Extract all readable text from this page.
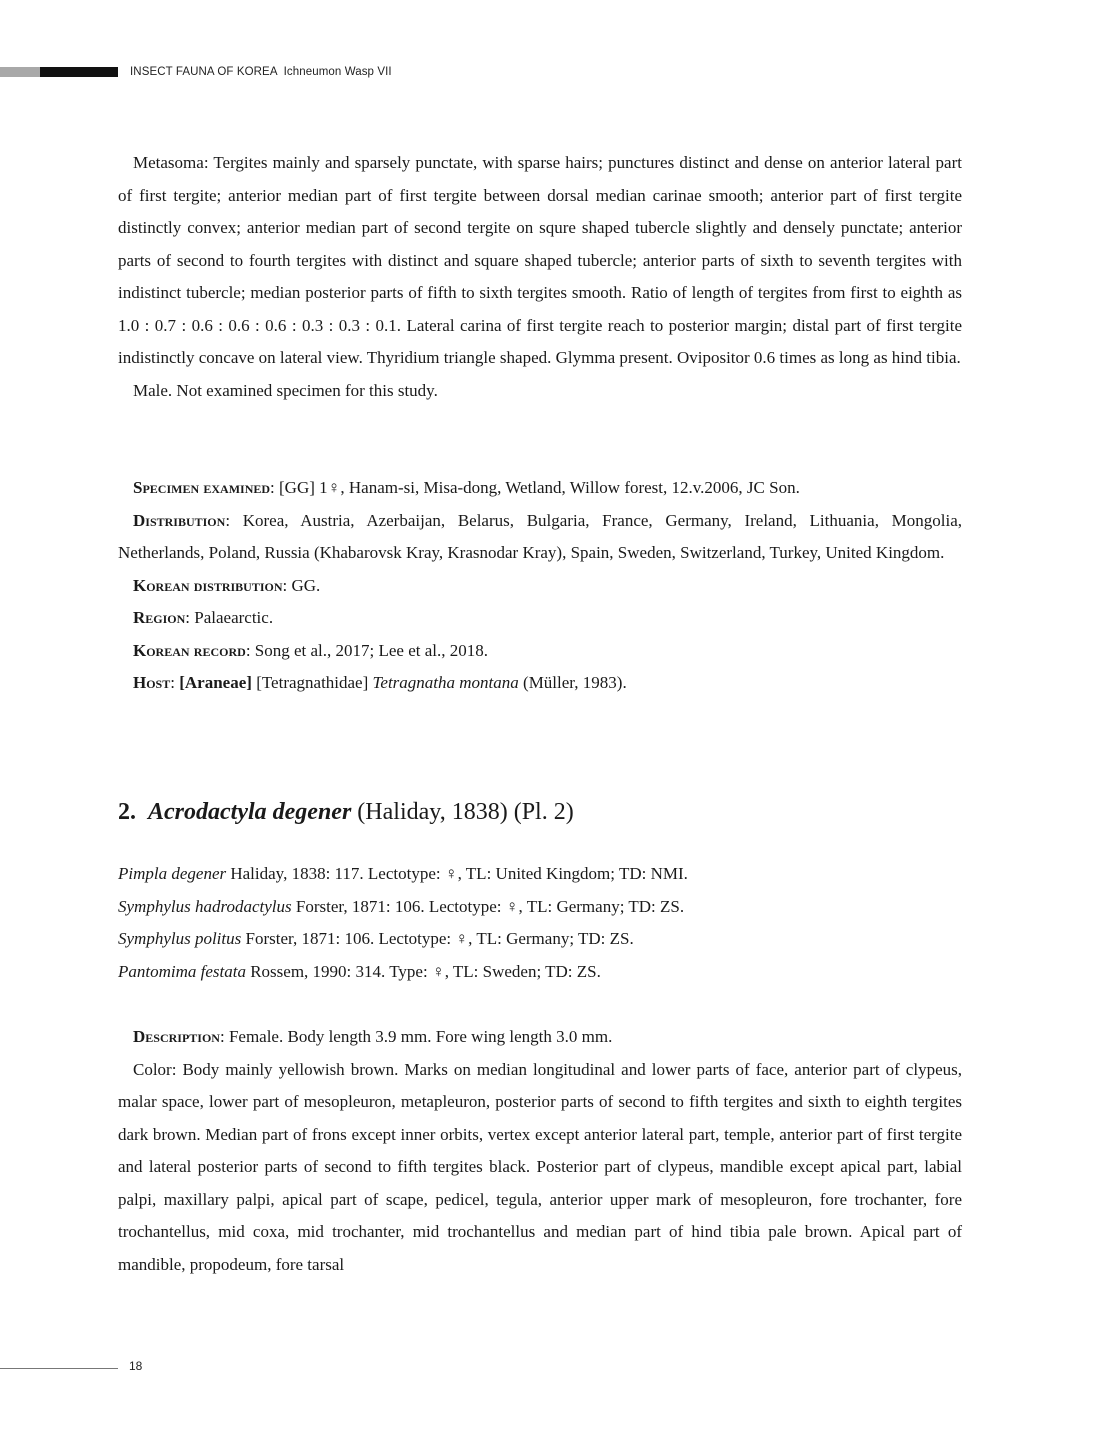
INSECT FAUNA OF KOREA Ichneumon Wasp VII

Metasoma: Tergites mainly and sparsely punctate, with sparse hairs; punctures distinct and dense on anterior lateral part of first tergite; anterior median part of first tergite between dorsal median carinae smooth; anterior part of first tergite distinctly convex; anterior median part of second tergite on squre shaped tubercle slightly and densely punctate; anterior parts of second to fourth tergites with distinct and square shaped tubercle; anterior parts of sixth to seventh tergites with indistinct tubercle; median posterior parts of fifth to sixth tergites smooth. Ratio of length of tergites from first to eighth as 1.0 : 0.7 : 0.6 : 0.6 : 0.6 : 0.3 : 0.3 : 0.1. Lateral carina of first tergite reach to posterior margin; distal part of first tergite indistinctly concave on lateral view. Thyridium triangle shaped. Glymma present. Ovipositor 0.6 times as long as hind tibia.

Male. Not examined specimen for this study.

Specimen examined: [GG] 1♀, Hanam-si, Misa-dong, Wetland, Willow forest, 12.v.2006, JC Son.

Distribution: Korea, Austria, Azerbaijan, Belarus, Bulgaria, France, Germany, Ireland, Lithuania, Mongolia, Netherlands, Poland, Russia (Khabarovsk Kray, Krasnodar Kray), Spain, Sweden, Switzerland, Turkey, United Kingdom.

Korean distribution: GG.

Region: Palaearctic.

Korean record: Song et al., 2017; Lee et al., 2018.

Host: [Araneae] [Tetragnathidae] Tetragnatha montana (Müller, 1983).

2. Acrodactyla degener (Haliday, 1838) (Pl. 2)

Pimpla degener Haliday, 1838: 117. Lectotype: ♀, TL: United Kingdom; TD: NMI.

Symphylus hadrodactylus Forster, 1871: 106. Lectotype: ♀, TL: Germany; TD: ZS.

Symphylus politus Forster, 1871: 106. Lectotype: ♀, TL: Germany; TD: ZS.

Pantomima festata Rossem, 1990: 314. Type: ♀, TL: Sweden; TD: ZS.

Description: Female. Body length 3.9 mm. Fore wing length 3.0 mm.

Color: Body mainly yellowish brown. Marks on median longitudinal and lower parts of face, anterior part of clypeus, malar space, lower part of mesopleuron, metapleuron, posterior parts of second to fifth tergites and sixth to eighth tergites dark brown. Median part of frons except inner orbits, vertex except anterior lateral part, temple, anterior part of first tergite and lateral posterior parts of second to fifth tergites black. Posterior part of clypeus, mandible except apical part, labial palpi, maxillary palpi, apical part of scape, pedicel, tegula, anterior upper mark of mesopleuron, fore trochanter, fore trochantellus, mid coxa, mid trochanter, mid trochantellus and median part of hind tibia pale brown. Apical part of mandible, propodeum, fore tarsal

18
